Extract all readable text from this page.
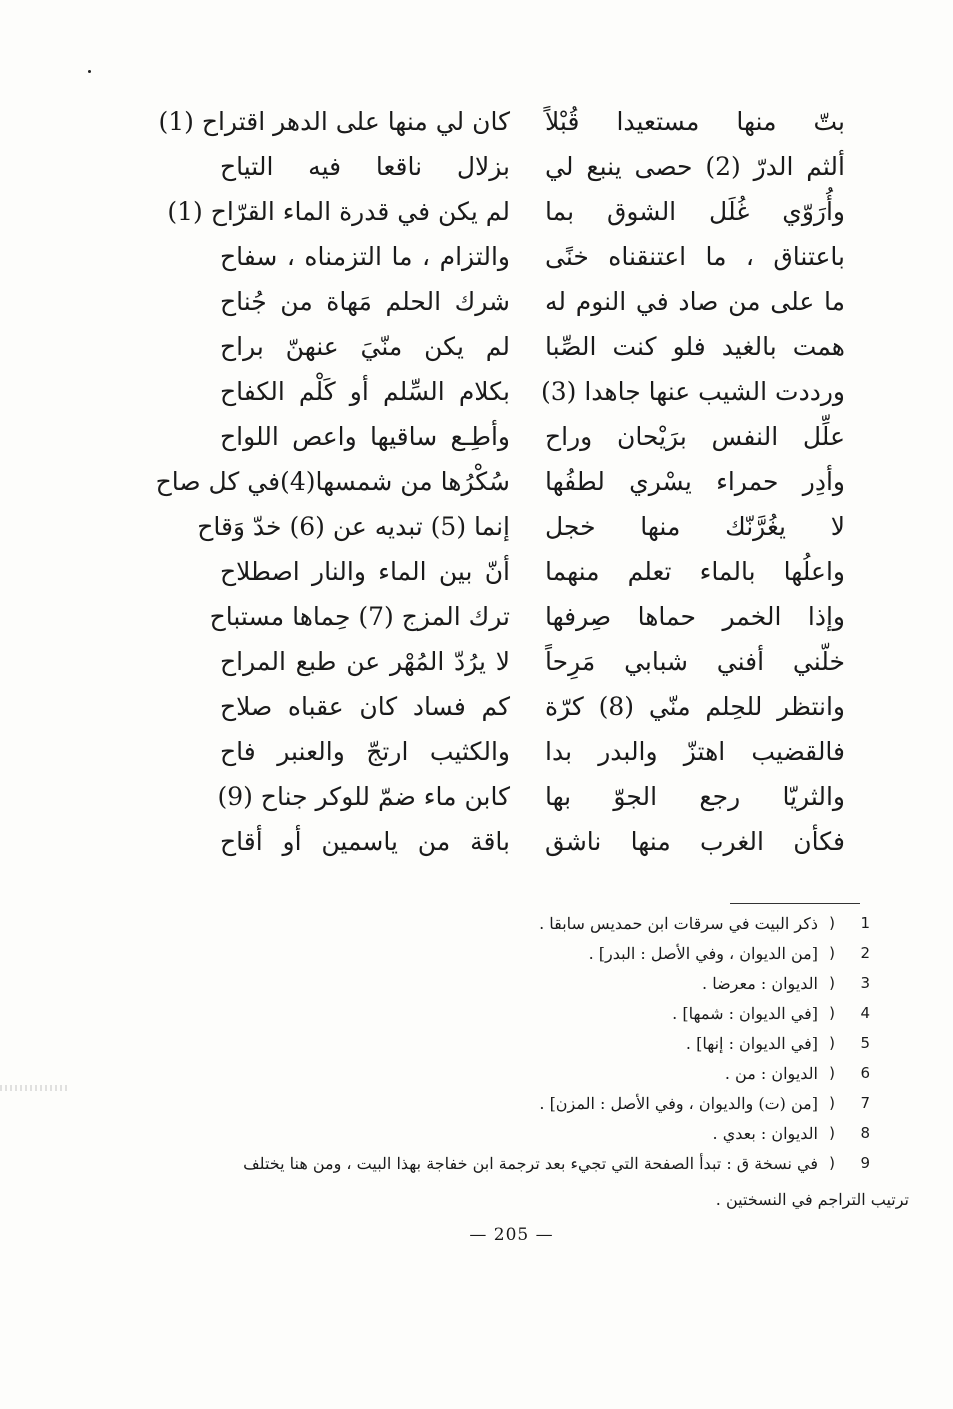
بتّ منها مستعيدا قُبْلاً
كان لي منها على الدهر اقتراح (1)
ألثم الدرّ (2) حصى ينبع لي
بزلال ناقعا فيه التياح
وأُرَوّي غُلَل الشوق بما
لم يكن في قدرة الماء القرّاح (1)
باعتناق ، ما اعتنقناه خنًى
والتزام ، ما التزمناه ، سفاح
ما على من صاد في النوم له
شرك الحلم مَهاة من جُناح
همت بالغيد فلو كنت الصِّبا
لم يكن منّيَ عنهنّ براح
ورددت الشيب عنها جاهدا (3)
بكلام السِّلم أو كَلْم الكفاح
علِّل النفس برَيْحان وراح
وأطِـع ساقيها واعص اللواح
وأدِر حمراء يسْري لطفُها
سُكْرُها من شمسها(4)في كل صاح
لا يغُرَّنّك منها خجل
إنما (5) تبديه عن (6) خدّ وَقاح
واعلُها بالماء تعلم منهما
أنّ بين الماء والنار اصطلاح
وإذا الخمر حماها صِرفها
ترك المزج (7) حِماها مستباح
خلّني أفني شبابي مَرِحاً
لا يرُدّ المُهْر عن طبع المراح
وانتظر للحِلم منّي (8) كرّة
كم فساد كان عقباه صلاح
فالقضيب اهتزّ والبدر بدا
والكثيب ارتجّ والعنبر فاح
والثريّا رجع الجوّ بها
كابن ماء ضمّ للوكر جناح (9)
فكأن الغرب منها ناشق
باقة من ياسمين أو أقاح
1
(
ذكر البيت في سرقات ابن حمديس سابقا .
2
(
[من الديوان ، وفي الأصل : البدر] .
3
(
الديوان : معرضا .
4
(
[في الديوان : شمها] .
5
(
[في الديوان : إنها] .
6
(
الديوان : من .
7
(
[من (ت) والديوان ، وفي الأصل : المزن] .
8
(
الديوان : بعدي .
9
(
في نسخة ق : تبدأ الصفحة التي تجيء بعد ترجمة ابن خفاجة بهذا البيت ، ومن هنا يختلف
ترتيب التراجم في النسختين .
— 205 —
